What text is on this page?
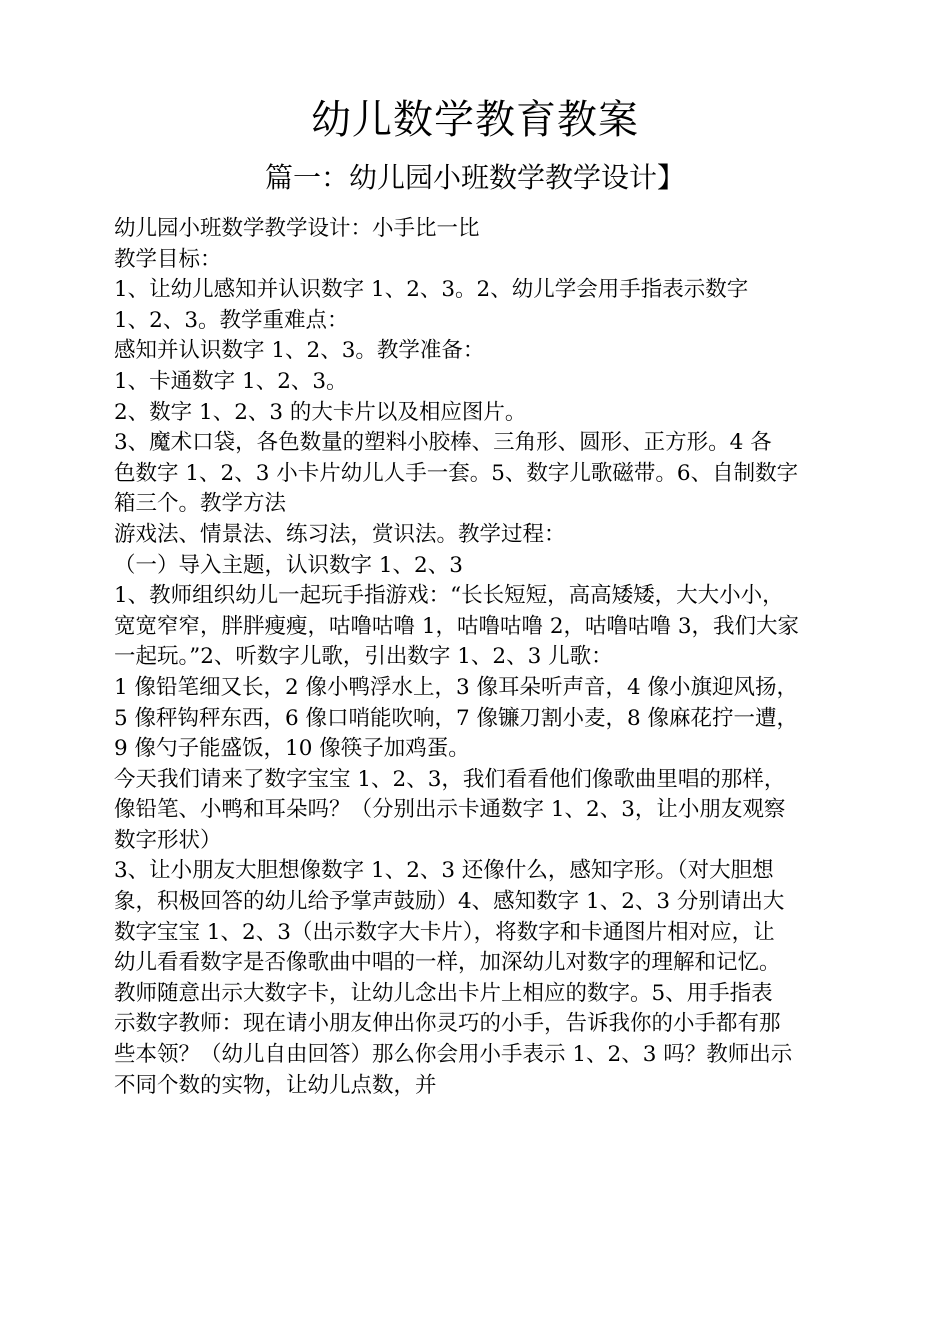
幼儿数学教育教案
篇一：幼儿园小班数学教学设计】
幼儿园小班数学教学设计：小手比一比
教学目标：
1、让幼儿感知并认识数字 1、2、3。2、幼儿学会用手指表示数字
1、2、3。教学重难点：
感知并认识数字 1、2、3。教学准备：
1、卡通数字 1、2、3。
2、数字 1、2、3 的大卡片以及相应图片。
3、魔术口袋，各色数量的塑料小胶棒、三角形、圆形、正方形。4 各
色数字 1、2、3 小卡片幼儿人手一套。5、数字儿歌磁带。6、自制数字
箱三个。教学方法
游戏法、情景法、练习法，赏识法。教学过程：
（一）导入主题，认识数字 1、2、3
1、教师组织幼儿一起玩手指游戏：“长长短短，高高矮矮，大大小小，
宽宽窄窄，胖胖瘦瘦，咕噜咕噜 1，咕噜咕噜 2，咕噜咕噜 3，我们大家
一起玩。”2、听数字儿歌，引出数字 1、2、3 儿歌：
1 像铅笔细又长，2 像小鸭浮水上，3 像耳朵听声音，4 像小旗迎风扬，
5 像秤钩秤东西，6 像口哨能吹响，7 像镰刀割小麦，8 像麻花拧一遭，
9 像勺子能盛饭，10 像筷子加鸡蛋。
今天我们请来了数字宝宝 1、2、3，我们看看他们像歌曲里唱的那样，
像铅笔、小鸭和耳朵吗？（分别出示卡通数字 1、2、3，让小朋友观察
数字形状）
3、让小朋友大胆想像数字 1、2、3 还像什么，感知字形。（对大胆想
象，积极回答的幼儿给予掌声鼓励）4、感知数字 1、2、3 分别请出大
数字宝宝 1、2、3（出示数字大卡片），将数字和卡通图片相对应，让
幼儿看看数字是否像歌曲中唱的一样，加深幼儿对数字的理解和记忆。
教师随意出示大数字卡，让幼儿念出卡片上相应的数字。5、用手指表
示数字教师：现在请小朋友伸出你灵巧的小手，告诉我你的小手都有那
些本领？（幼儿自由回答）那么你会用小手表示 1、2、3 吗？教师出示
不同个数的实物，让幼儿点数，并
